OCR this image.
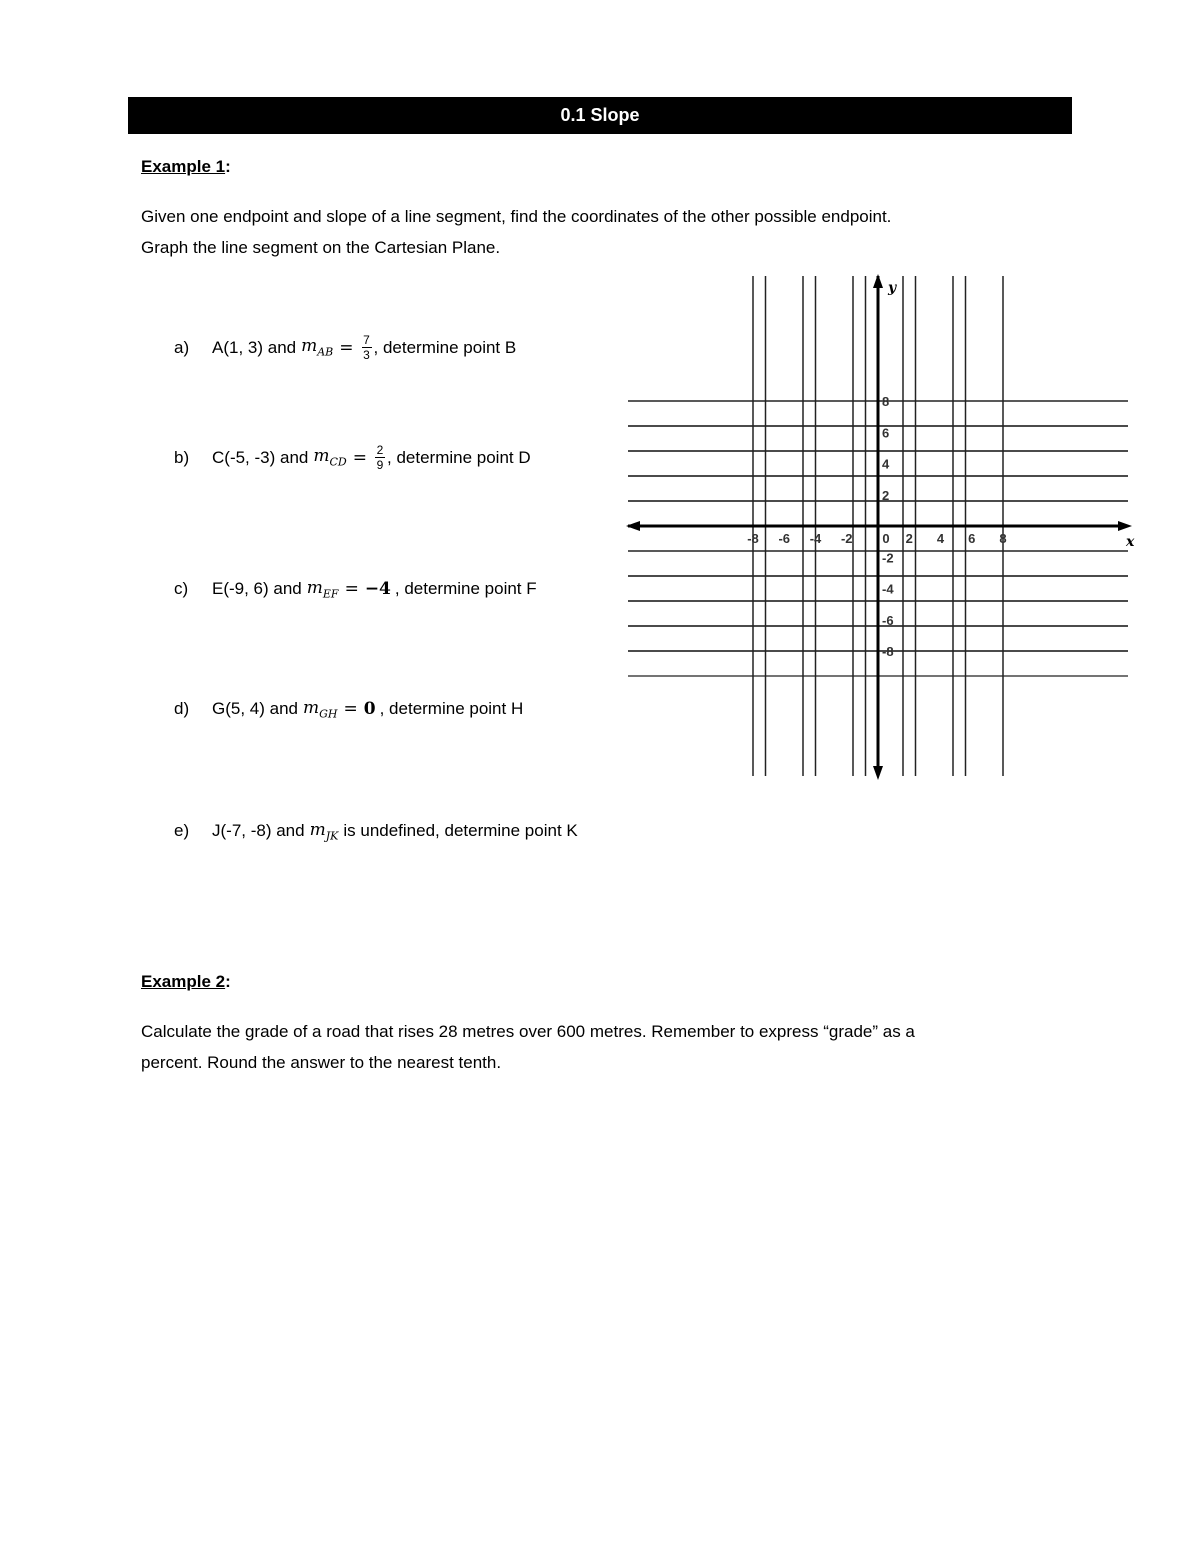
0.1 Slope
Example 1:
Given one endpoint and slope of a line segment, find the coordinates of the other possible endpoint.
Graph the line segment on the Cartesian Plane.
a)	A(1, 3) and $m_{AB} = \frac{7}{3}$ , determine point B
b)	C(-5, -3) and $m_{CD} = \frac{2}{9}$ , determine point D
c)	E(-9, 6) and $m_{EF} = -4$ , determine point F
d)	G(5, 4) and $m_{GH} = 0$ , determine point H
e)	J(-7, -8) and $m_{JK}$ is undefined, determine point K
-8 -6 -4 -2 0 2 4 6 8
8
6
4
2
-2
-4
-6
-8
x
y
Example 2:
Calculate the grade of a road that rises 28 metres over 600 metres. Remember to express “grade” as a
percent. Round the answer to the nearest tenth.
